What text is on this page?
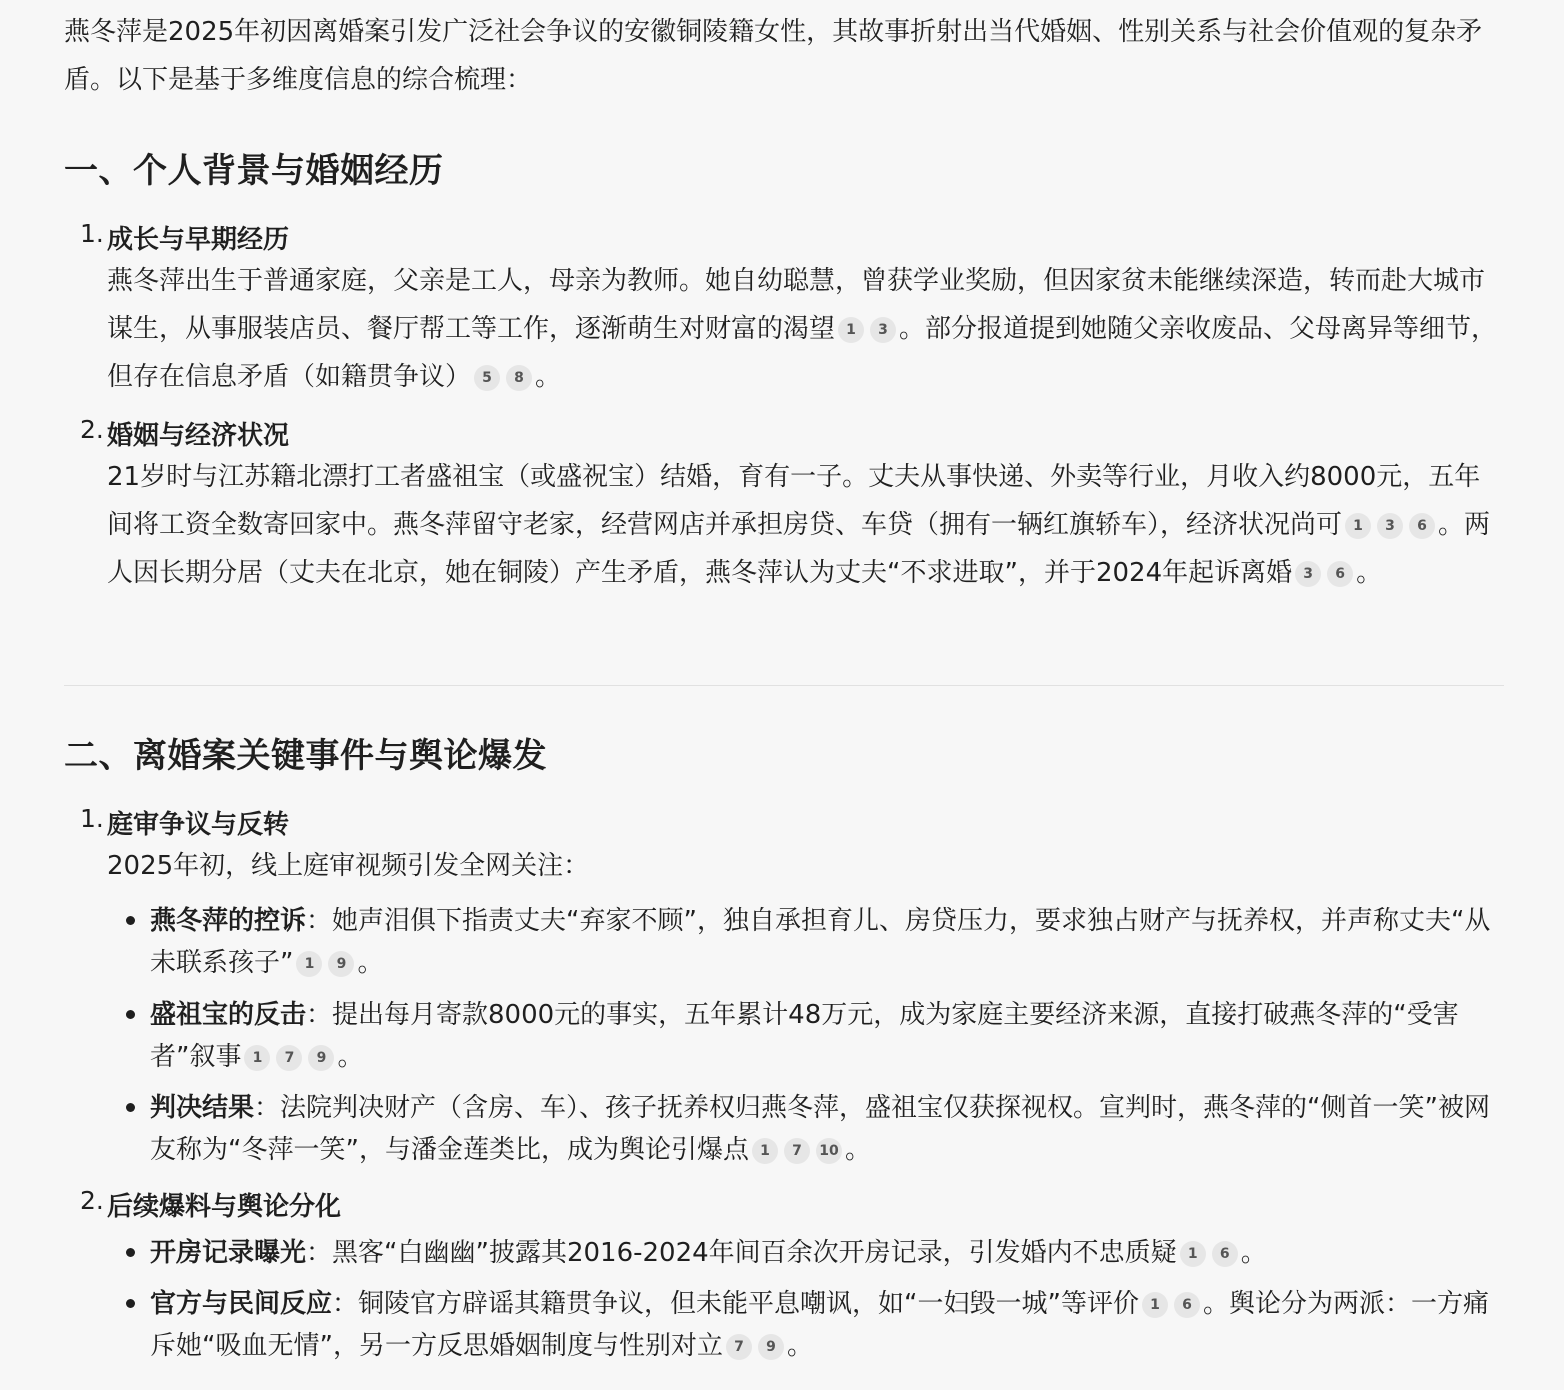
燕冬萍是2025年初因离婚案引发广泛社会争议的安徽铜陵籍女性，其故事折射出当代婚姻、性别关系与社会价值观的复杂矛盾。以下是基于多维度信息的综合梳理：
一、个人背景与婚姻经历
1. 成长与早期经历
燕冬萍出生于普通家庭，父亲是工人，母亲为教师。她自幼聪慧，曾获学业奖励，但因家贫未能继续深造，转而赴大城市谋生，从事服装店员、餐厅帮工等工作，逐渐萌生对财富的渴望 1 3 。部分报道提到她随父亲收废品、父母离异等细节，但存在信息矛盾（如籍贯争议） 5 8 。
2. 婚姻与经济状况
21岁时与江苏籍北漂打工者盛祖宝（或盛祝宝）结婚，育有一子。丈夫从事快递、外卖等行业，月收入约8000元，五年间将工资全数寄回家中。燕冬萍留守老家，经营网店并承担房贷、车贷（拥有一辆红旗轿车），经济状况尚可 1 3 6 。两人因长期分居（丈夫在北京，她在铜陵）产生矛盾，燕冬萍认为丈夫“不求进取”，并于2024年起诉离婚 3 6 。
二、离婚案关键事件与舆论爆发
1. 庭审争议与反转
2025年初，线上庭审视频引发全网关注：
燕冬萍的控诉：她声泪俱下指责丈夫“弃家不顾”，独自承担育儿、房贷压力，要求独占财产与抚养权，并声称丈夫“从未联系孩子” 1 9 。
盛祖宝的反击：提出每月寄款8000元的事实，五年累计48万元，成为家庭主要经济来源，直接打破燕冬萍的“受害者”叙事 1 7 9 。
判决结果：法院判决财产（含房、车）、孩子抚养权归燕冬萍，盛祖宝仅获探视权。宣判时，燕冬萍的“侧首一笑”被网友称为“冬萍一笑”，与潘金莲类比，成为舆论引爆点 1 7 10 。
2. 后续爆料与舆论分化
开房记录曝光：黑客“白幽幽”披露其2016-2024年间百余次开房记录，引发婚内不忠质疑 1 6 。
官方与民间反应：铜陵官方辟谣其籍贯争议，但未能平息嘲讽，如“一妇毁一城”等评价 1 6 。舆论分为两派：一方痛斥她“吸血无情”，另一方反思婚姻制度与性别对立 7 9 。
